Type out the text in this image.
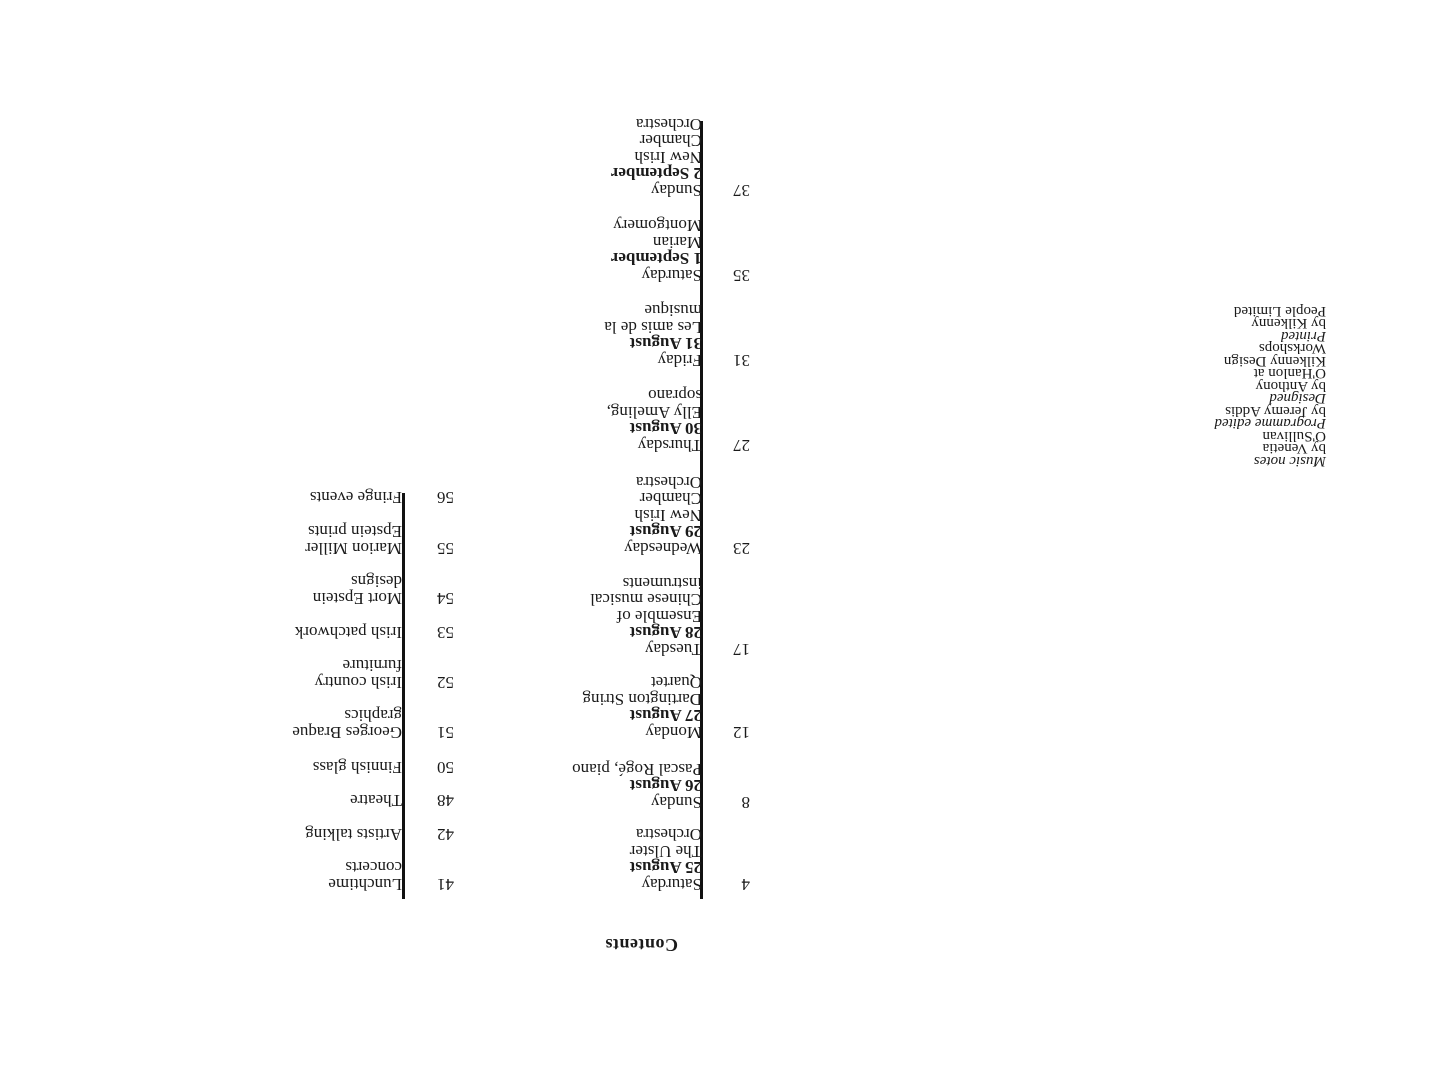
Contents
4
Saturday
25 August
The Ulster
Orchestra
8
Sunday
26 August
Pascal Rogé, piano
12
Monday
27 August
Dartington String
Quartet
17
Tuesday
28 August
Ensemble of
Chinese musical
instruments
23
Wednesday
29 August
New Irish
Chamber
Orchestra
27
Thursday
30 August
Elly Ameling,
soprano
31
Friday
31 August
Les amis de la
musique
35
Saturday
1 September
Marian
Montgomery
37
Sunday
2 September
New Irish
Chamber
Orchestra
41
Lunchtime
concerts
42
Artists talking
48
Theatre
50
Finnish glass
51
Georges Braque
graphics
52
Irish country
furniture
53
Irish patchwork
54
Mort Epstein
designs
55
Marion Miller
Epstein prints
56
Fringe events
Music notes
by Venetia
O'Sullivan
Programme edited
by Jeremy Addis
Designed
by Anthony
O'Hanlon at
Kilkenny Design
Workshops
Printed
by Kilkenny
People Limited
